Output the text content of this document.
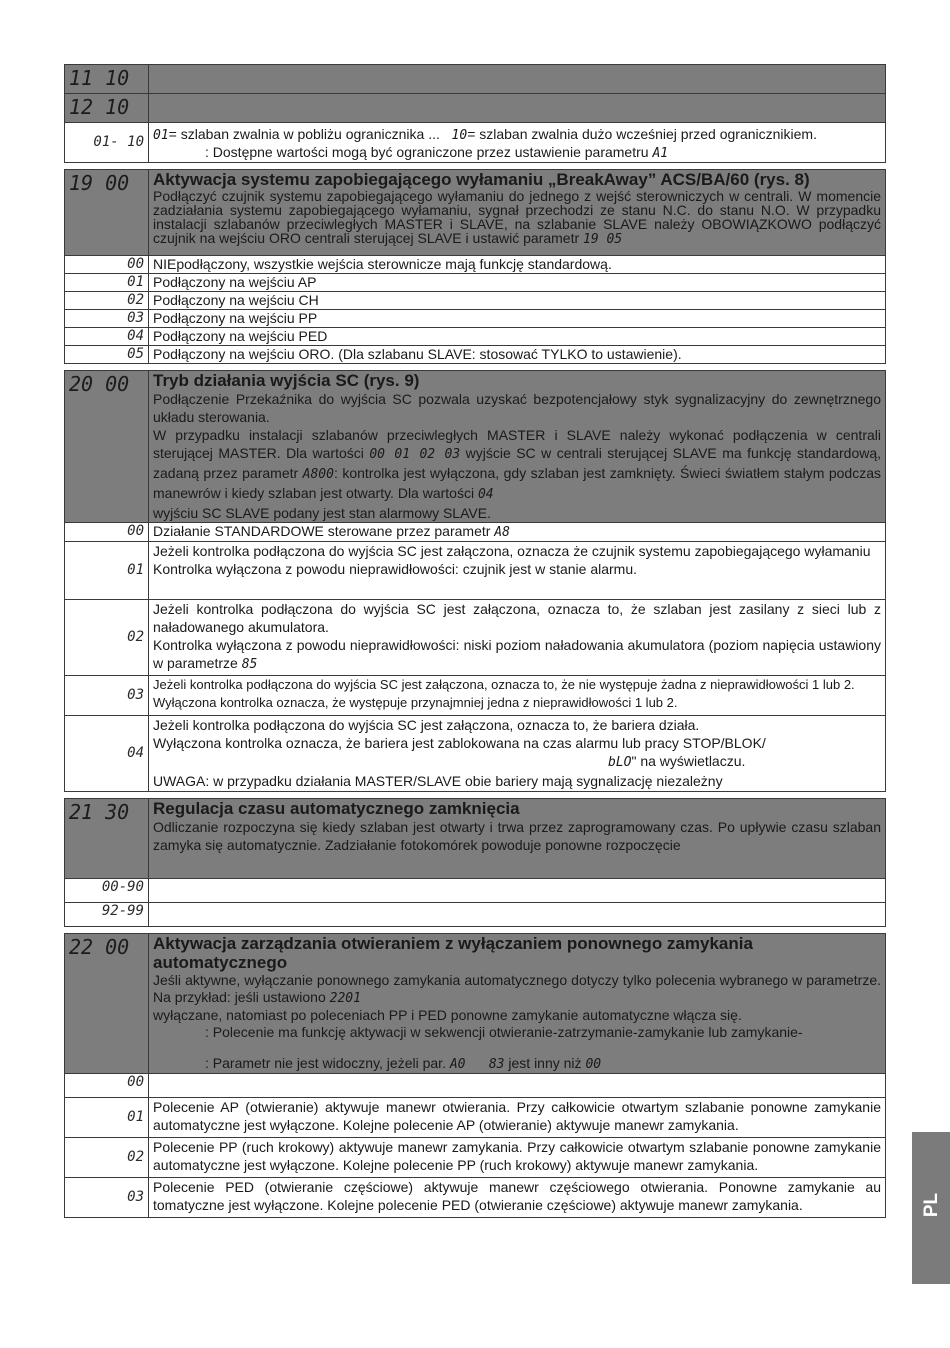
11 10	
12 10	
01- 10	01= szlaban zwalnia w pobliżu ogranicznika ... 10= szlaban zwalnia dużo wcześniej przed ogranicznikiem.
: Dostępne wartości mogą być ograniczone przez ustawienie parametru A1

19 00	Aktywacja systemu zapobiegającego wyłamaniu „BreakAway” ACS/BA/60 (rys. 8)
Podłączyć czujnik systemu zapobiegającego wyłamaniu do jednego z wejść sterowniczych w centrali. W momencie zadziałania systemu zapobiegającego wyłamaniu, sygnał przechodzi ze stanu N.C. do stanu N.O. W przypadku instalacji szlabanów przeciwległych MASTER i SLAVE, na szlabanie SLAVE należy OBOWIĄZKOWO podłączyć czujnik na wejściu ORO centrali sterującej SLAVE i ustawić parametr 19 05

00	NIEpodłączony, wszystkie wejścia sterownicze mają funkcję standardową.
01	Podłączony na wejściu AP
02	Podłączony na wejściu CH
03	Podłączony na wejściu PP
04	Podłączony na wejściu PED
05	Podłączony na wejściu ORO. (Dla szlabanu SLAVE: stosować TYLKO to ustawienie).

20 00	Tryb działania wyjścia SC (rys. 9)
Podłączenie Przekaźnika do wyjścia SC pozwala uzyskać bezpotencjałowy styk sygnalizacyjny do zewnętrznego układu sterowania.
W przypadku instalacji szlabanów przeciwległych MASTER i SLAVE należy wykonać podłączenia w centrali sterującej MASTER. Dla wartości 00 01 02 03 wyjście SC w centrali sterującej SLAVE ma funkcję standardową, zadaną przez parametr A800: kontrolka jest wyłączona, gdy szlaban jest zamknięty. Świeci światłem stałym podczas manewrów i kiedy szlaban jest otwarty. Dla wartości 04
wyjściu SC SLAVE podany jest stan alarmowy SLAVE.
00	Działanie STANDARDOWE sterowane przez parametr A8
01	Jeżeli kontrolka podłączona do wyjścia SC jest załączona, oznacza że czujnik systemu zapobiegającego wyłamaniu
Kontrolka wyłączona z powodu nieprawidłowości: czujnik jest w stanie alarmu.
02	Jeżeli kontrolka podłączona do wyjścia SC jest załączona, oznacza to, że szlaban jest zasilany z sieci lub z naładowanego akumulatora.
Kontrolka wyłączona z powodu nieprawidłowości: niski poziom naładowania akumulatora (poziom napięcia ustawiony w parametrze 85

03	Jeżeli kontrolka podłączona do wyjścia SC jest załączona, oznacza to, że nie występuje żadna z nieprawidłowości 1 lub 2. Wyłączona kontrolka oznacza, że występuje przynajmniej jedna z nieprawidłowości 1 lub 2.
04	Jeżeli kontrolka podłączona do wyjścia SC jest załączona, oznacza to, że bariera działa.

Wyłączona kontrolka oznacza, że bariera jest zablokowana na czas alarmu lub pracy STOP/BLOK/
bLO" na wyświetlaczu.
UWAGA: w przypadku działania MASTER/SLAVE obie bariery mają sygnalizację niezależny

21 30	Regulacja czasu automatycznego zamknięcia
Odliczanie rozpoczyna się kiedy szlaban jest otwarty i trwa przez zaprogramowany czas. Po upływie czasu szlaban zamyka się automatycznie. Zadziałanie fotokomórek powoduje ponowne rozpoczęcie

00-90	
92-99	

22 00	Aktywacja zarządzania otwieraniem z wyłączaniem ponownego zamykania automatycznego
Jeśli aktywne, wyłączanie ponownego zamykania automatycznego dotyczy tylko polecenia wybranego w parametrze. Na przykład: jeśli ustawiono 2201
wyłączane, natomiast po poleceniach PP i PED ponowne zamykanie automatyczne włącza się.
: Polecenie ma funkcję aktywacji w sekwencji otwieranie-zatrzymanie-zamykanie lub zamykanie-
: Parametr nie jest widoczny, jeżeli par. A0 83 jest inny niż 00

00	
01	Polecenie AP (otwieranie) aktywuje manewr otwierania. Przy całkowicie otwartym szlabanie ponowne zamykanie automatyczne jest wyłączone. Kolejne polecenie AP (otwieranie) aktywuje manewr zamykania.

02	Polecenie PP (ruch krokowy) aktywuje manewr zamykania. Przy całkowicie otwartym szlabanie ponowne zamykanie automatyczne jest wyłączone. Kolejne polecenie PP (ruch krokowy) aktywuje manewr zamykania.

03	Polecenie PED (otwieranie częściowe) aktywuje manewr częściowego otwierania. Ponowne zamykanie au tomatyczne jest wyłączone. Kolejne polecenie PED (otwieranie częściowe) aktywuje manewr zamykania.	PL
